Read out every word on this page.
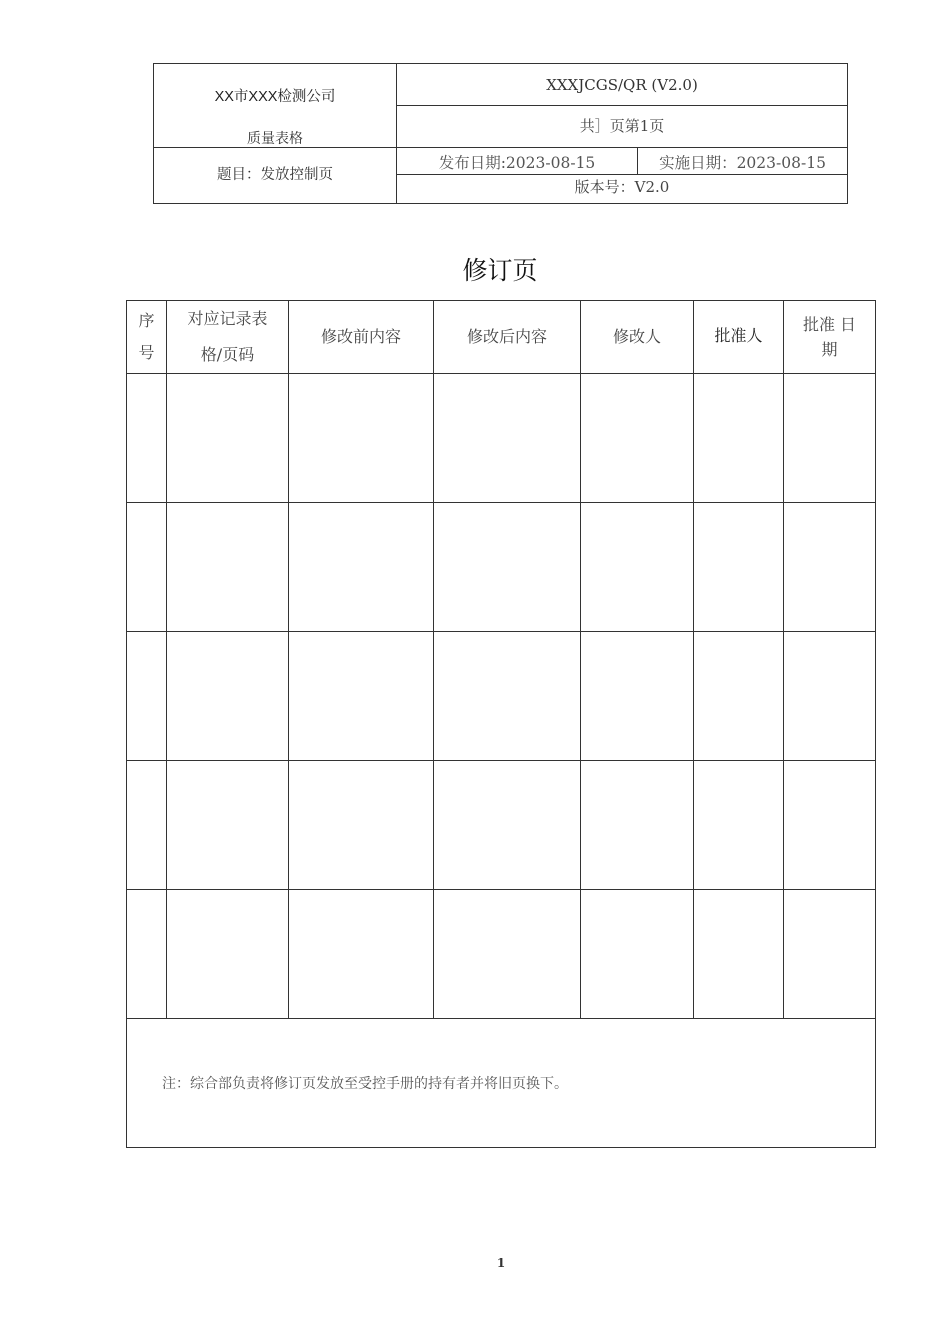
XX市XXX检测公司
质量表格
题目：发放控制页
XXXJCGS/QR (V2.0)
共］页第1页
发布日期:2023-08-15	实施日期：2023-08-15
版本号：V2.0
修订页
序号	对应记录表格/页码	修改前内容	修改后内容	修改人	批准人	批准 日期

注：综合部负责将修订页发放至受控手册的持有者并将旧页换下。						
1
